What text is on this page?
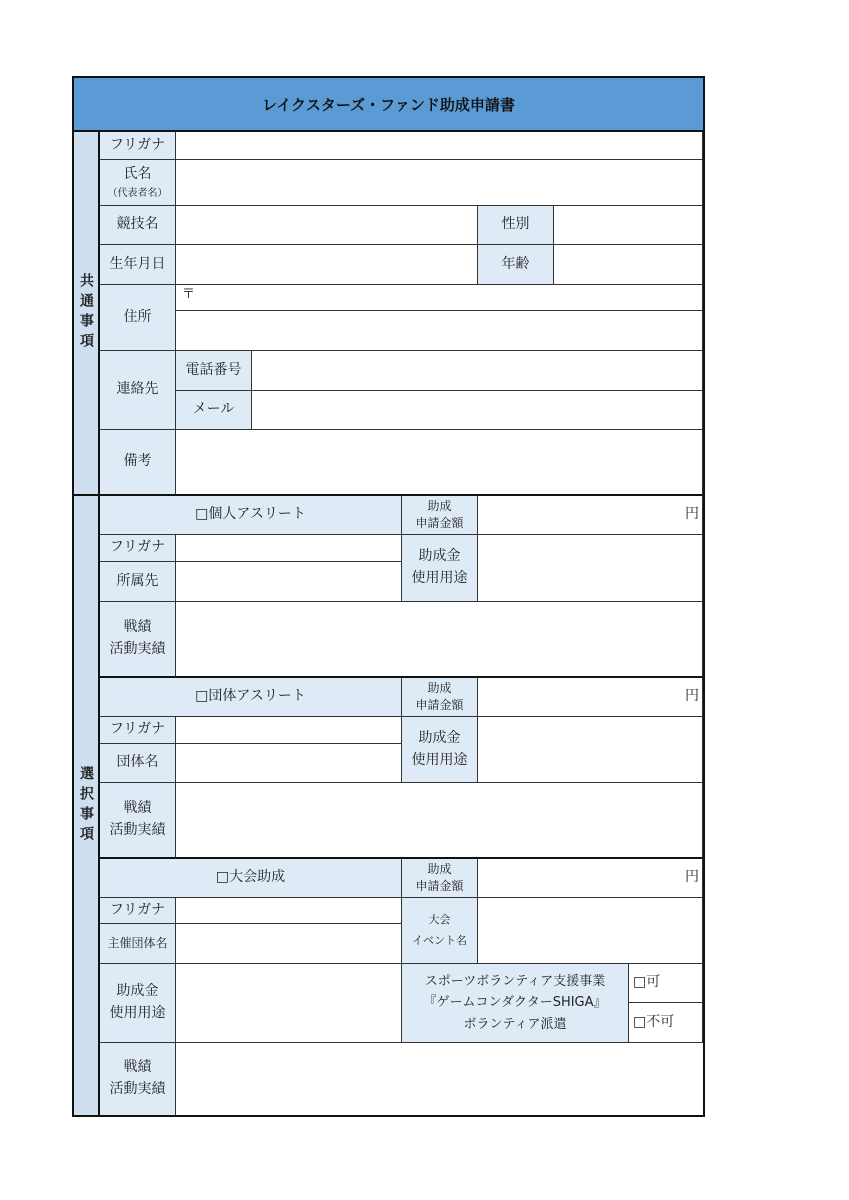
レイクスターズ・ファンド助成申請書
共通事項
選択事項
フリガナ
氏名
（代表者名）
競技名	性別
生年月日	年齢
住所
〒
連絡先
電話番号
メール
備考
□個人アスリート
助成
申請金額
円
フリガナ
所属先
助成金
使用用途
戦績
活動実績
□団体アスリート
助成
申請金額
円
フリガナ
団体名
助成金
使用用途
戦績
活動実績
□大会助成
助成
申請金額
円
フリガナ
主催団体名
大会
イベント名
助成金
使用用途
スポーツボランティア支援事業
『ゲームコンダクターSHIGA』
ボランティア派遣
□可
□不可
戦績
活動実績
